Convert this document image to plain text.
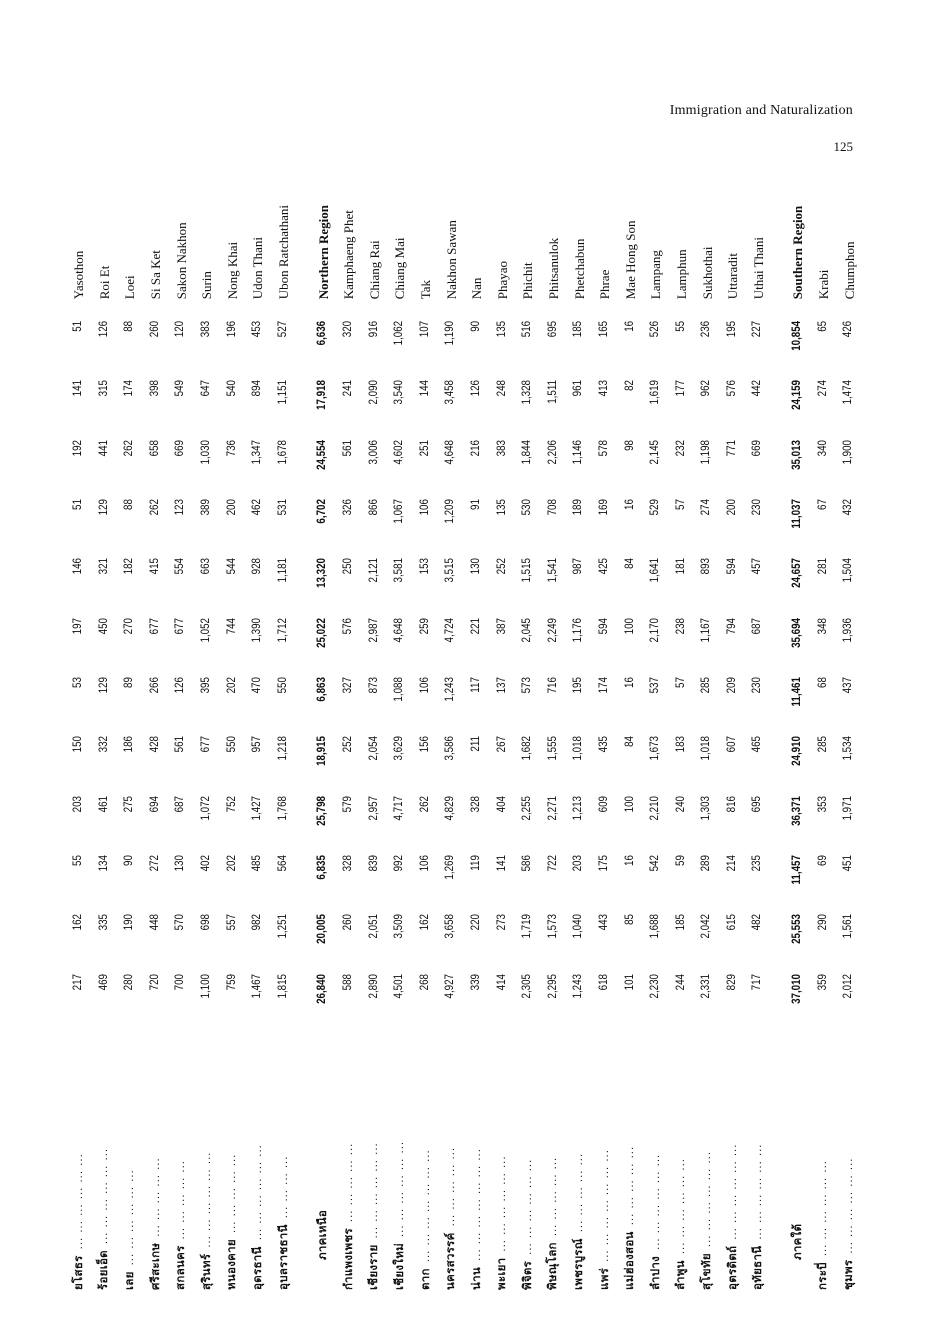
Immigration and Naturalization
125
ยโสธร... ... ... ... ... ...	217	162	55	203	150	53	197	146	51	192	141	51	Yasothon
ร้อยเอ็ด... ... ... ... ... ...	469	335	134	461	332	129	450	321	129	441	315	126	Roi Et
เลย... ... ... ... ... ...	280	190	90	275	186	89	270	182	88	262	174	88	Loei
ศรีสะเกษ... ... ... ... ...	720	448	272	694	428	266	677	415	262	658	398	260	Si Sa Ket
สกลนคร... ... ... ... ...	700	570	130	687	561	126	677	554	123	669	549	120	Sakon Nakhon
สุรินทร์... ... ... ... ... ...	1,100	698	402	1,072	677	395	1,052	663	389	1,030	647	383	Surin
หนองคาย... ... ... ... ...	759	557	202	752	550	202	744	544	200	736	540	196	Nong Khai
อุดรธานี... ... ... ... ... ...	1,467	982	485	1,427	957	470	1,390	928	462	1,347	894	453	Udon Thani
อุบลราชธานี... ... ... ...	1,815	1,251	564	1,768	1,218	550	1,712	1,181	531	1,678	1,151	527	Ubon Ratchathani

ภาคเหนือ	26,840	20,005	6,835	25,798	18,915	6,863	25,022	13,320	6,702	24,554	17,918	6,636	Northern Region
กำแพงเพชร... ... ... ... ...	588	260	328	579	252	327	576	250	326	561	241	320	Kamphaeng Phet
เชียงราย... ... ... ... ... ...	2,890	2,051	839	2,957	2,054	873	2,987	2,121	866	3,006	2,090	916	Chiang Rai
เชียงใหม่... ... ... ... ... ...	4,501	3,509	992	4,717	3,629	1,088	4,648	3,581	1,067	4,602	3,540	1,062	Chiang Mai
ตาก... ... ... ... ... ... ...	268	162	106	262	156	106	259	153	106	251	144	107	Tak
นครสวรรค์... ... ... ... ...	4,927	3,658	1,269	4,829	3,586	1,243	4,724	3,515	1,209	4,648	3,458	1,190	Nakhon Sawan
น่าน... ... ... ... ... ... ...	339	220	119	328	211	117	221	130	91	216	126	90	Nan
พะเยา... ... ... ... ... ...	414	273	141	404	267	137	387	252	135	383	248	135	Phayao
พิจิตร... ... ... ... ... ...	2,305	1,719	586	2,255	1,682	573	2,045	1,515	530	1,844	1,328	516	Phichit
พิษณุโลก... ... ... ... ...	2,295	1,573	722	2,271	1,555	716	2,249	1,541	708	2,206	1,511	695	Phitsanulok
เพชรบูรณ์... ... ... ... ...	1,243	1,040	203	1,213	1,018	195	1,176	987	189	1,146	961	185	Phetchabun
แพร่... ... ... ... ... ... ...	618	443	175	609	435	174	594	425	169	578	413	165	Phrae
แม่ฮ่องสอน... ... ... ... ...	101	85	16	100	84	16	100	84	16	98	82	16	Mae Hong Son
ลำปาง... ... ... ... ... ...	2,230	1,688	542	2,210	1,673	537	2,170	1,641	529	2,145	1,619	526	Lampang
ลำพูน... ... ... ... ... ...	244	185	59	240	183	57	238	181	57	232	177	55	Lamphun
สุโขทัย... ... ... ... ... ...	2,331	2,042	289	1,303	1,018	285	1,167	893	274	1,198	962	236	Sukhothai
อุตรดิตถ์... ... ... ... ... ...	829	615	214	816	607	209	794	594	200	771	576	195	Uttaradit
อุทัยธานี... ... ... ... ... ...	717	482	235	695	465	230	687	457	230	669	442	227	Uthai Thani

ภาคใต้	37,010	25,553	11,457	36,371	24,910	11,461	35,694	24,657	11,037	35,013	24,159	10,854	Southern Region
กระบี่... ... ... ... ... ...	359	290	69	353	285	68	348	281	67	340	274	65	Krabi
ชุมพร... ... ... ... ... ...	2,012	1,561	451	1,971	1,534	437	1,936	1,504	432	1,900	1,474	426	Chumphon
